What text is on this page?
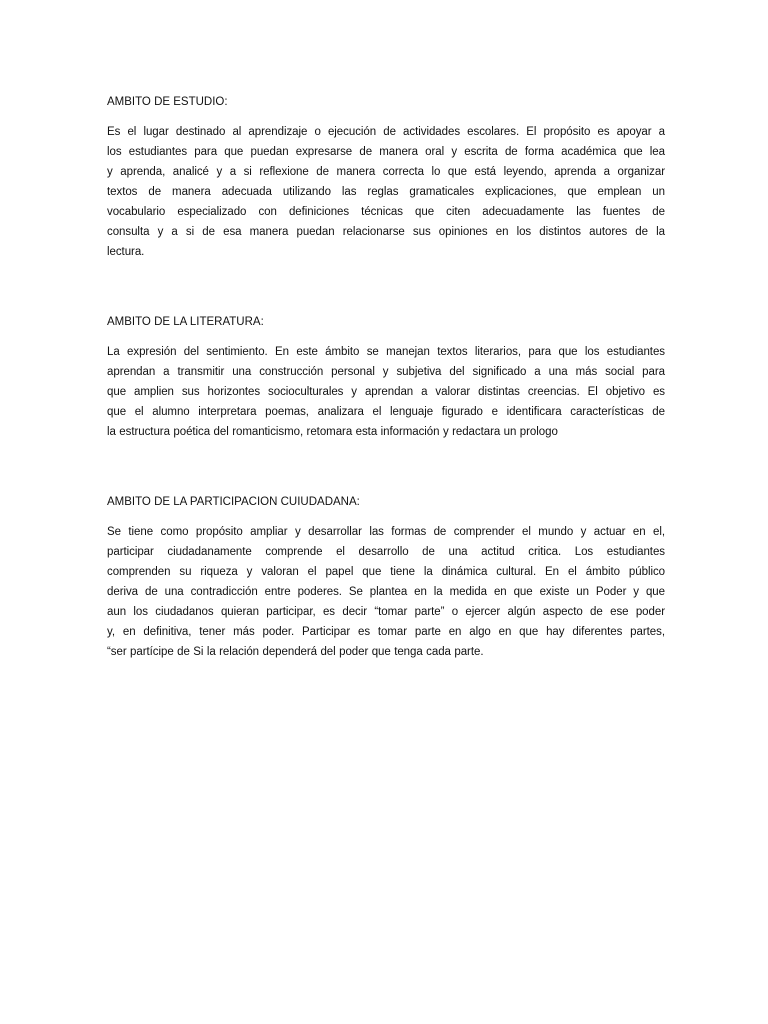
AMBITO DE ESTUDIO:

Es el lugar destinado al aprendizaje o ejecución de actividades escolares. El propósito es apoyar a
los estudiantes para que puedan expresarse de manera oral y escrita de forma académica que lea
y aprenda, analicé y a si reflexione de manera correcta lo que está leyendo, aprenda a organizar
textos de manera adecuada utilizando las reglas gramaticales explicaciones, que emplean un
vocabulario especializado con definiciones técnicas que citen adecuadamente las fuentes de
consulta y a si de esa manera puedan relacionarse sus opiniones en los distintos autores de la
lectura.

AMBITO DE LA LITERATURA:

La expresión del sentimiento. En este ámbito se manejan textos literarios, para que los estudiantes
aprendan a transmitir una construcción personal y subjetiva del significado a una más social para
que amplien sus horizontes socioculturales y aprendan a valorar distintas creencias. El objetivo es
que el alumno interpretara poemas, analizara el lenguaje figurado e identificara características de
la estructura poética del romanticismo, retomara esta información y redactara un prologo

AMBITO DE LA PARTICIPACION CUIUDADANA:

Se tiene como propósito ampliar y desarrollar las formas de comprender el mundo y actuar en el,
participar ciudadanamente comprende el desarrollo de una actitud critica. Los estudiantes
comprenden su riqueza y valoran el papel que tiene la dinámica cultural. En el ámbito público
deriva de una contradicción entre poderes. Se plantea en la medida en que existe un Poder y que
aun los ciudadanos quieran participar, es decir “tomar parte” o ejercer algún aspecto de ese poder
y, en definitiva, tener más poder. Participar es tomar parte en algo en que hay diferentes partes,
“ser partícipe de Si la relación dependerá del poder que tenga cada parte.
